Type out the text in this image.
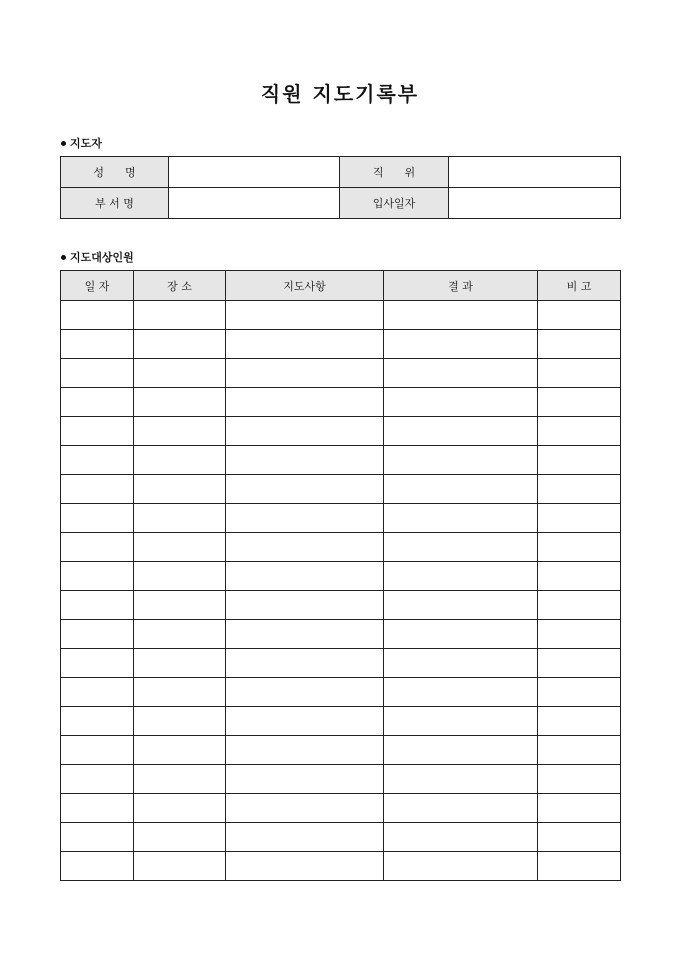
직원 지도기록부
지도자
성      명		직      위	
부 서 명		입사일자	
지도대상인원
일 자	장 소	지도사항	결 과	비 고
